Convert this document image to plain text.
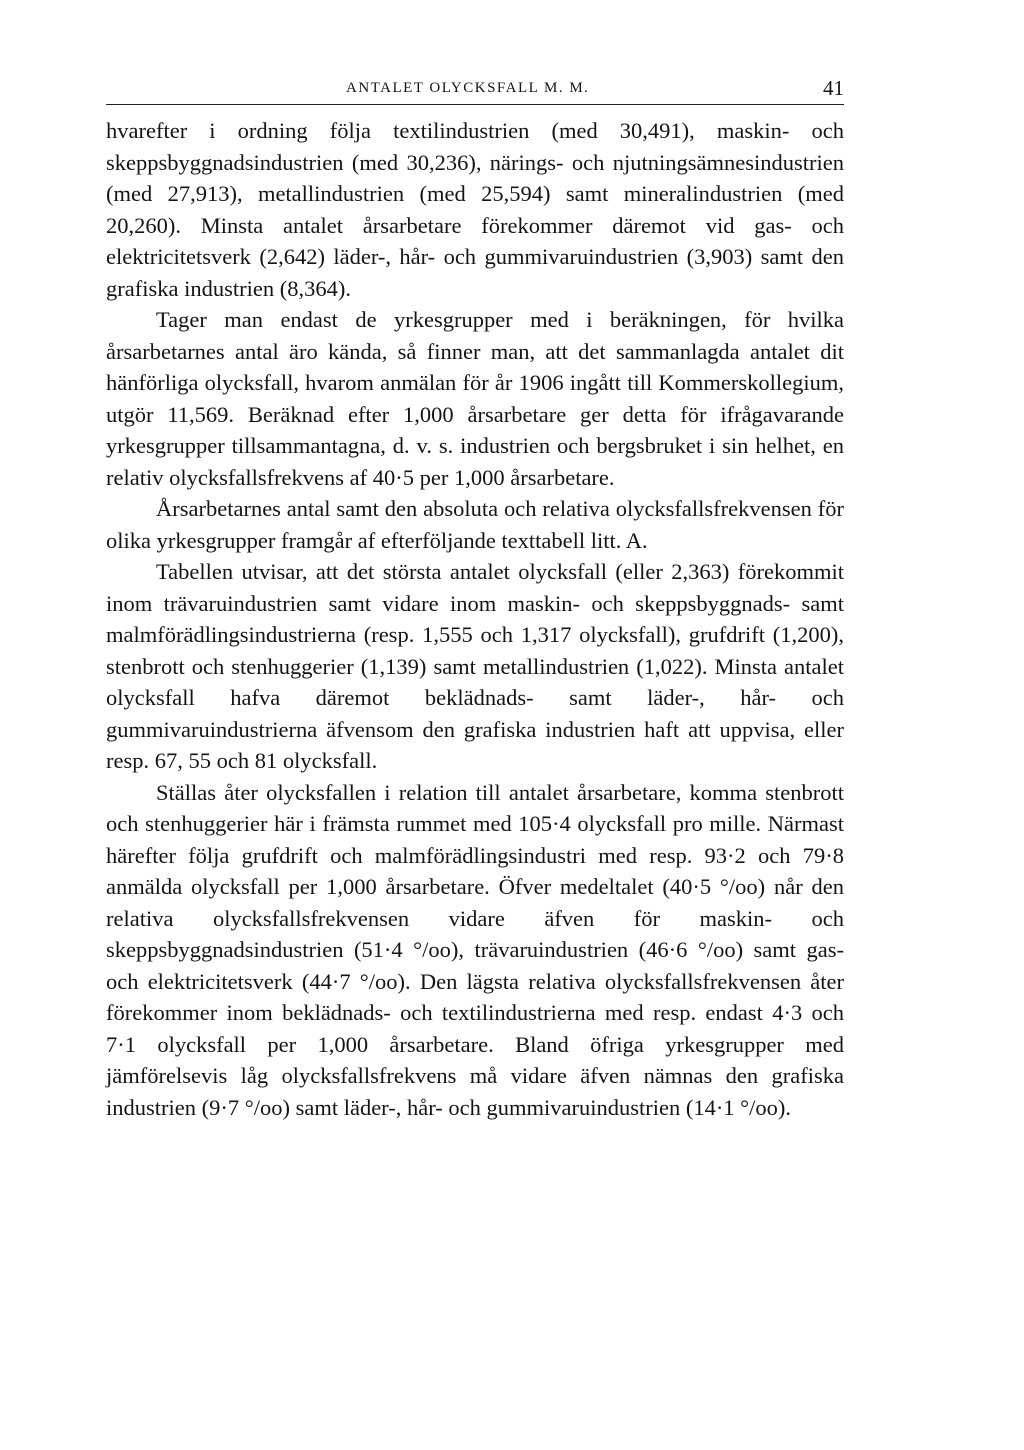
ANTALET OLYCKSFALL M. M.	41

hvarefter i ordning följa textilindustrien (med 30,491), maskin- och skeppsbyggnadsindustrien (med 30,236), närings- och njutningsämnesindustrien (med 27,913), metallindustrien (med 25,594) samt mineralindustrien (med 20,260). Minsta antalet årsarbetare förekommer däremot vid gas- och elektricitetsverk (2,642) läder-, hår- och gummivaruindustrien (3,903) samt den grafiska industrien (8,364).

Tager man endast de yrkesgrupper med i beräkningen, för hvilka årsarbetarnes antal äro kända, så finner man, att det sammanlagda antalet dit hänförliga olycksfall, hvarom anmälan för år 1906 ingått till Kommerskollegium, utgör 11,569. Beräknad efter 1,000 årsarbetare ger detta för ifrågavarande yrkesgrupper tillsammantagna, d. v. s. industrien och bergsbruket i sin helhet, en relativ olycksfallsfrekvens af 40·5 per 1,000 årsarbetare.

Årsarbetarnes antal samt den absoluta och relativa olycksfallsfrekvensen för olika yrkesgrupper framgår af efterföljande texttabell litt. A.

Tabellen utvisar, att det största antalet olycksfall (eller 2,363) förekommit inom trävaruindustrien samt vidare inom maskin- och skeppsbyggnads- samt malmförädlingsindustrierna (resp. 1,555 och 1,317 olycksfall), grufdrift (1,200), stenbrott och stenhuggerier (1,139) samt metallindustrien (1,022). Minsta antalet olycksfall hafva däremot beklädnads- samt läder-, hår- och gummivaruindustrierna äfvensom den grafiska industrien haft att uppvisa, eller resp. 67, 55 och 81 olycksfall.

Ställas åter olycksfallen i relation till antalet årsarbetare, komma stenbrott och stenhuggerier här i främsta rummet med 105·4 olycksfall pro mille. Närmast härefter följa grufdrift och malmförädlingsindustri med resp. 93·2 och 79·8 anmälda olycksfall per 1,000 årsarbetare. Öfver medeltalet (40·5 °/oo) når den relativa olycksfallsfrekvensen vidare äfven för maskin- och skeppsbyggnadsindustrien (51·4 °/oo), trävaruindustrien (46·6 °/oo) samt gas- och elektricitetsverk (44·7 °/oo). Den lägsta relativa olycksfallsfrekvensen åter förekommer inom beklädnads- och textilindustrierna med resp. endast 4·3 och 7·1 olycksfall per 1,000 årsarbetare. Bland öfriga yrkesgrupper med jämförelsevis låg olycksfallsfrekvens må vidare äfven nämnas den grafiska industrien (9·7 °/oo) samt läder-, hår- och gummivaruindustrien (14·1 °/oo).
